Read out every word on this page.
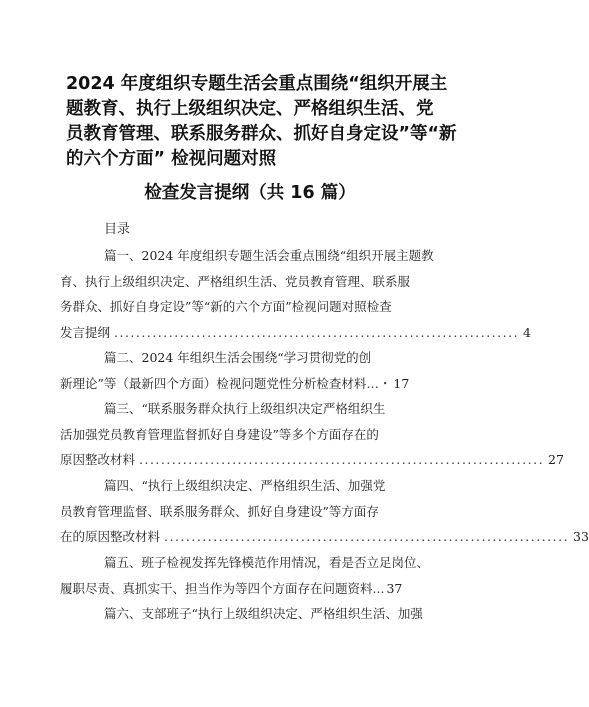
2024 年度组织专题生活会重点围绕“组织开展主
题教育、执行上级组织决定、严格组织生活、党
员教育管理、联系服务群众、抓好自身定设”等“新
的六个方面” 检视问题对照
检查发言提纲（共 16 篇）
目录
篇一、2024 年度组织专题生活会重点围绕“组织开展主题教
育、执行上级组织决定、严格组织生活、党员教育管理、联系服
务群众、抓好自身定设”等“新的六个方面”检视问题对照检查
发言提纲 .......................................................................... 4
篇二、2024 年组织生活会围绕“学习贯彻党的创
新理论”等（最新四个方面）检视问题党性分析检查材料 …・ 17
篇三、“联系服务群众执行上级组织决定严格组织生
活加强党员教育管理监督抓好自身建设”等多个方面存在的
原因整改材料 .......................................................................... 27
篇四、“执行上级组织决定、严格组织生活、加强党
员教育管理监督、联系服务群众、抓好自身建设”等方面存
在的原因整改材料 .......................................................................... 33
篇五、班子检视发挥先锋模范作用情况，看是否立足岗位、
履职尽责、真抓实干、担当作为等四个方面存在问题资料 ... 37
篇六、支部班子“执行上级组织决定、严格组织生活、加强
